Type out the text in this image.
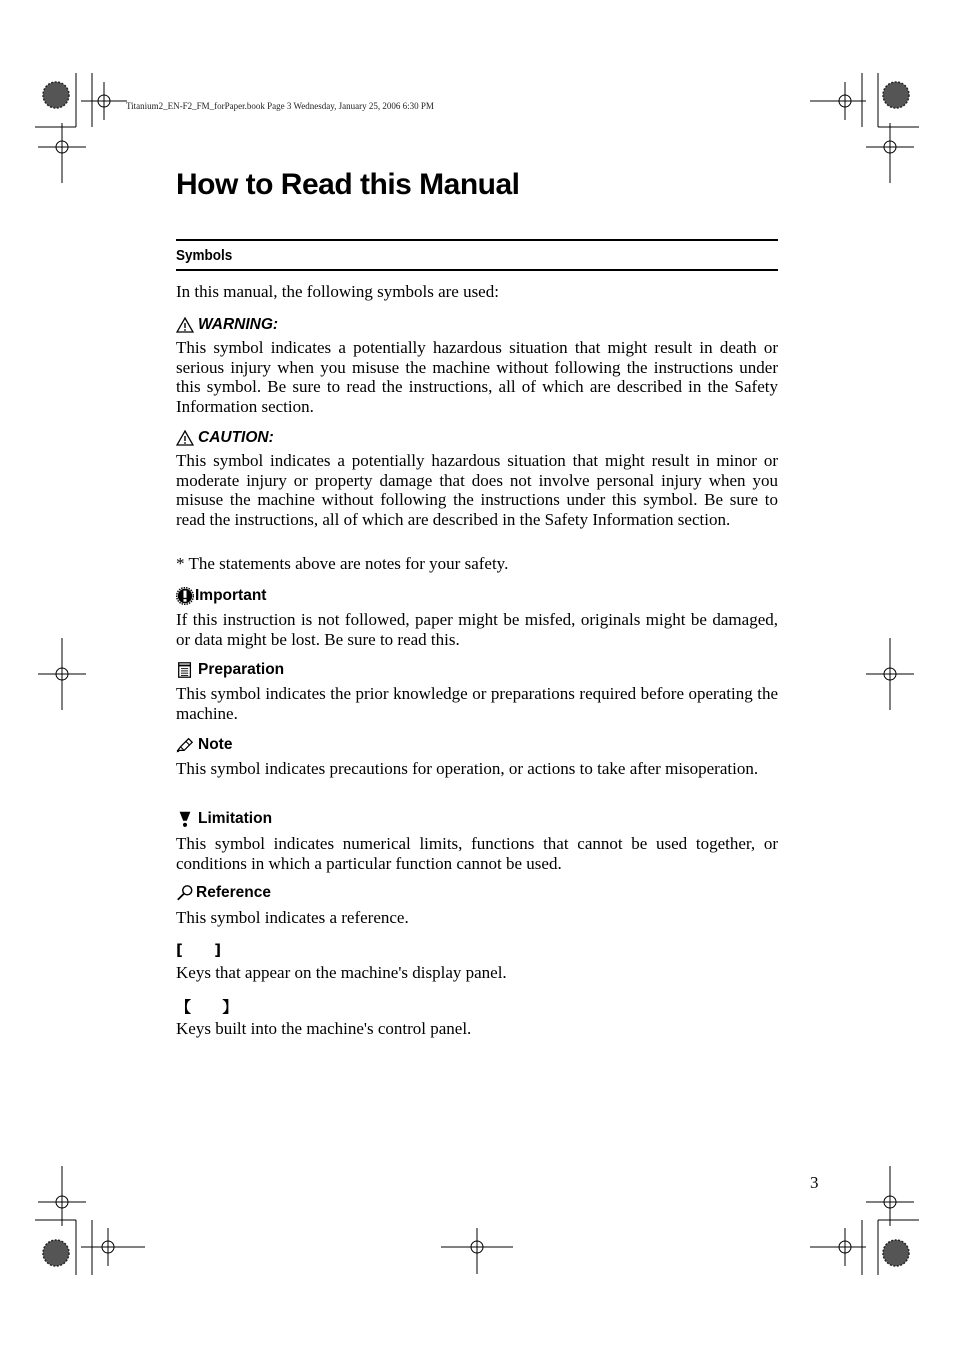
Titanium2_EN-F2_FM_forPaper.book Page 3 Wednesday, January 25, 2006 6:30 PM
How to Read this Manual
Symbols

In this manual, the following symbols are used:

WARNING:

This symbol indicates a potentially hazardous situation that might result in death or serious injury when you misuse the machine without following the instructions under this symbol. Be sure to read the instructions, all of which are described in the Safety Information section.

CAUTION:

This symbol indicates a potentially hazardous situation that might result in minor or moderate injury or property damage that does not involve personal injury when you misuse the machine without following the instructions under this symbol. Be sure to read the instructions, all of which are described in the Safety Information section.

* The statements above are notes for your safety.

Important

If this instruction is not followed, paper might be misfed, originals might be damaged, or data might be lost. Be sure to read this.

Preparation

This symbol indicates the prior knowledge or preparations required before operating the machine.

Note

This symbol indicates precautions for operation, or actions to take after misoperation.

Limitation

This symbol indicates numerical limits, functions that cannot be used together, or conditions in which a particular function cannot be used.

Reference

This symbol indicates a reference.

[      ]

Keys that appear on the machine's display panel.

【      】

Keys built into the machine's control panel.

3
